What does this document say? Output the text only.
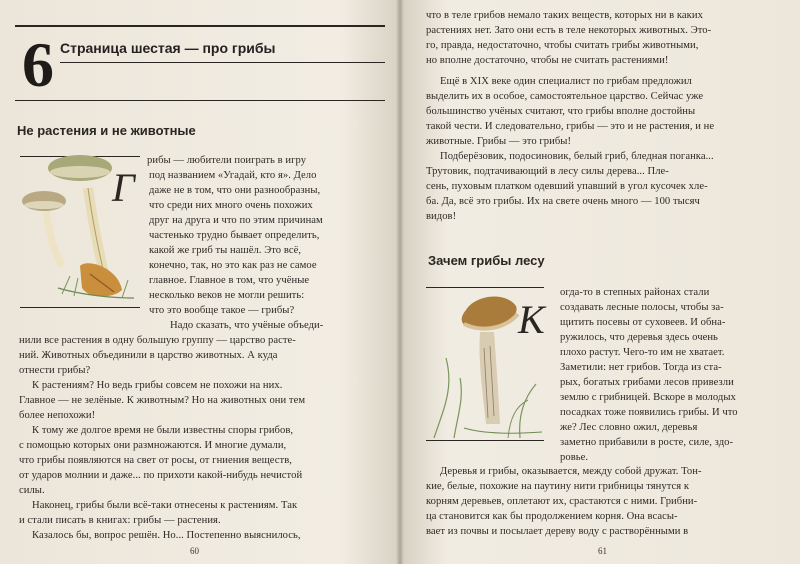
6 Страница шестая — про грибы
Не растения и не животные
Г
рибы — любители поиграть в игру
под названием «Угадай, кто я». Дело
даже не в том, что они разнообразны,
что среди них много очень похожих
друг на друга и что по этим причинам
частенько трудно бывает определить,
какой же гриб ты нашёл. Это всё,
конечно, так, но это как раз не самое
главное. Главное в том, что учёные
несколько веков не могли решить:
что это вообще такое — грибы?
Надо сказать, что учёные объеди-
нили все растения в одну большую группу — царство расте-
ний. Животных объединили в царство животных. А куда
отнести грибы?
К растениям? Но ведь грибы совсем не похожи на них.
Главное — не зелёные. К животным? Но на животных они тем
более непохожи!
К тому же долгое время не были известны споры грибов,
с помощью которых они размножаются. И многие думали,
что грибы появляются на свет от росы, от гниения веществ,
от ударов молнии и даже... по прихоти какой-нибудь нечистой
силы.
Наконец, грибы были всё-таки отнесены к растениям. Так
и стали писать в книгах: грибы — растения.
Казалось бы, вопрос решён. Но... Постепенно выяснилось,
60
что в теле грибов немало таких веществ, которых ни в каких
растениях нет. Зато они есть в теле некоторых животных. Это-
го, правда, недостаточно, чтобы считать грибы животными,
но вполне достаточно, чтобы не считать растениями!
Ещё в XIX веке один специалист по грибам предложил
выделить их в особое, самостоятельное царство. Сейчас уже
большинство учёных считают, что грибы вполне достойны
такой чести. И следовательно, грибы — это и не растения, и не
животные. Грибы — это грибы!
Подберёзовик, подосиновик, белый гриб, бледная поганка...
Трутовик, подтачивающий в лесу силы дерева... Пле-
сень, пуховым платком одевший упавший в угол кусочек хле-
ба. Да, всё это грибы. Их на свете очень много — 100 тысяч
видов!
Зачем грибы лесу
К
огда-то в степных районах стали
создавать лесные полосы, чтобы за-
щитить посевы от суховеев. И обна-
ружилось, что деревья здесь очень
плохо растут. Чего-то им не хватает.
Заметили: нет грибов. Тогда из ста-
рых, богатых грибами лесов привезли
землю с грибницей. Вскоре в молодых
посадках тоже появились грибы. И что
же? Лес словно ожил, деревья
заметно прибавили в росте, силе, здо-
ровье.
Деревья и грибы, оказывается, между собой дружат. Тон-
кие, белые, похожие на паутину нити грибницы тянутся к
корням деревьев, оплетают их, срастаются с ними. Грибни-
ца становится как бы продолжением корня. Она всасы-
вает из почвы и посылает дереву воду с растворёнными в
61
